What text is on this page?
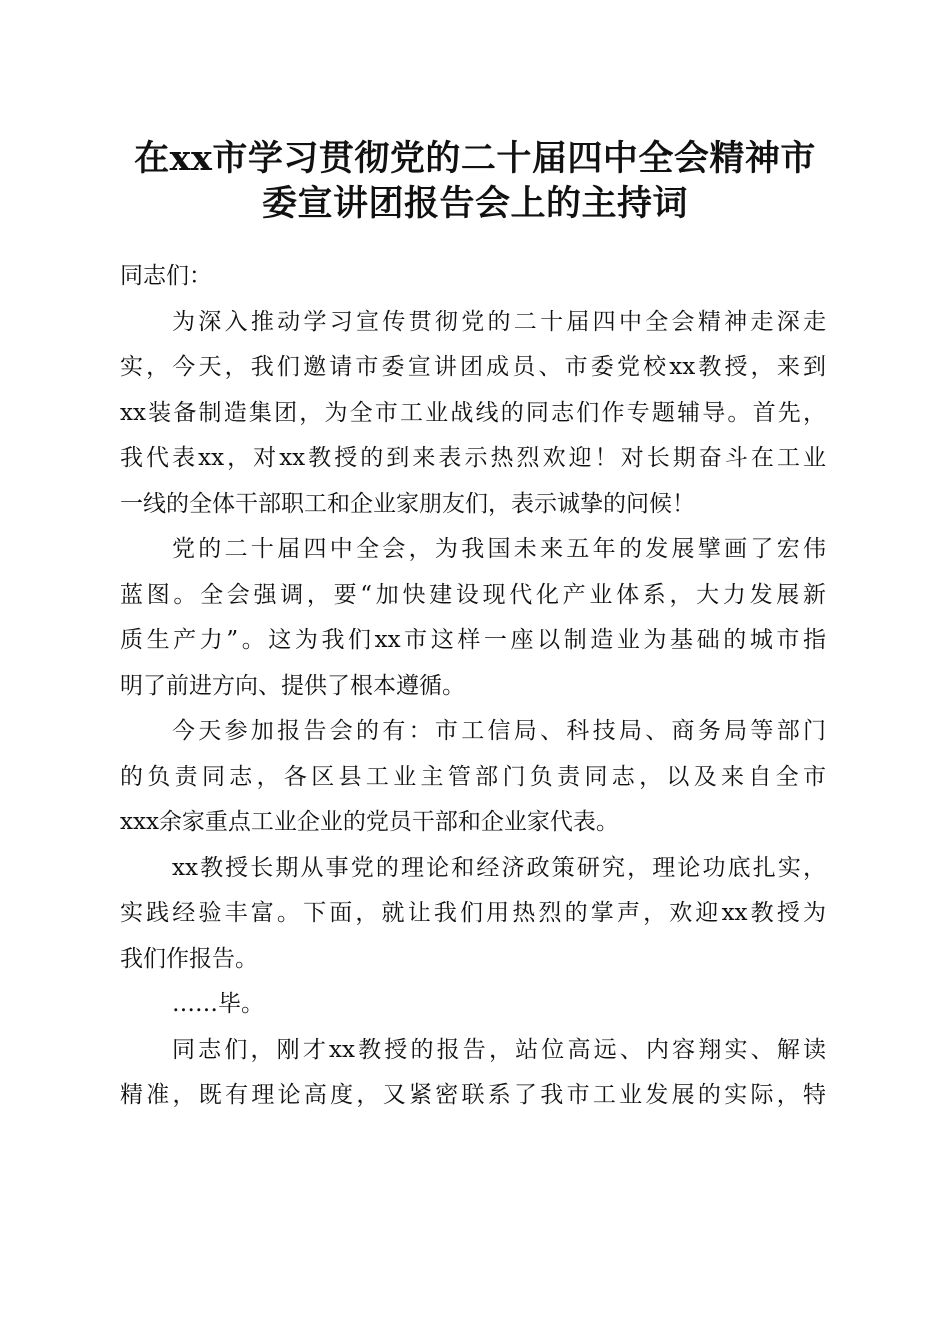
在xx市学习贯彻党的二十届四中全会精神市
委宣讲团报告会上的主持词
同志们：
为深入推动学习宣传贯彻党的二十届四中全会精神走深走
实，今天，我们邀请市委宣讲团成员、市委党校xx教授，来到
xx装备制造集团，为全市工业战线的同志们作专题辅导。首先，
我代表xx，对xx教授的到来表示热烈欢迎！对长期奋斗在工业
一线的全体干部职工和企业家朋友们，表示诚挚的问候！
党的二十届四中全会，为我国未来五年的发展擘画了宏伟
蓝图。全会强调，要“加快建设现代化产业体系，大力发展新
质生产力”。这为我们xx市这样一座以制造业为基础的城市指
明了前进方向、提供了根本遵循。
今天参加报告会的有：市工信局、科技局、商务局等部门
的负责同志，各区县工业主管部门负责同志，以及来自全市
xxx余家重点工业企业的党员干部和企业家代表。
xx教授长期从事党的理论和经济政策研究，理论功底扎实，
实践经验丰富。下面，就让我们用热烈的掌声，欢迎xx教授为
我们作报告。
……毕。
同志们，刚才xx教授的报告，站位高远、内容翔实、解读
精准，既有理论高度，又紧密联系了我市工业发展的实际，特
